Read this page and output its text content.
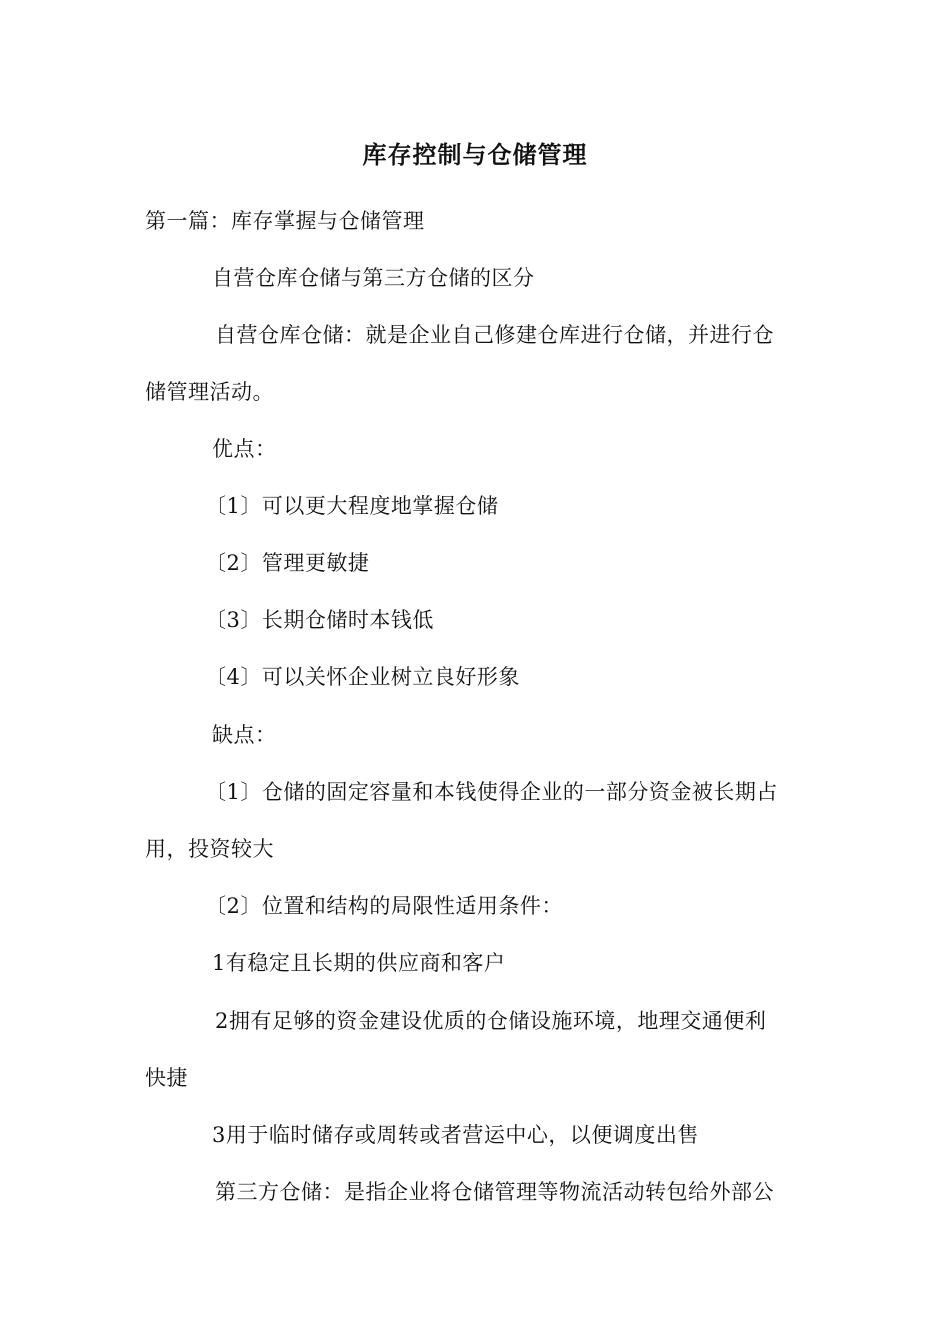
库存控制与仓储管理
第一篇：库存掌握与仓储管理
自营仓库仓储与第三方仓储的区分
自营仓库仓储：就是企业自己修建仓库进行仓储，并进行仓
储管理活动。
优点：
〔1〕可以更大程度地掌握仓储
〔2〕管理更敏捷
〔3〕长期仓储时本钱低
〔4〕可以关怀企业树立良好形象
缺点：
〔1〕仓储的固定容量和本钱使得企业的一部分资金被长期占
用，投资较大
〔2〕位置和结构的局限性适用条件：
1有稳定且长期的供应商和客户
2拥有足够的资金建设优质的仓储设施环境，地理交通便利
快捷
3用于临时储存或周转或者营运中心，以便调度出售
第三方仓储：是指企业将仓储管理等物流活动转包给外部公
